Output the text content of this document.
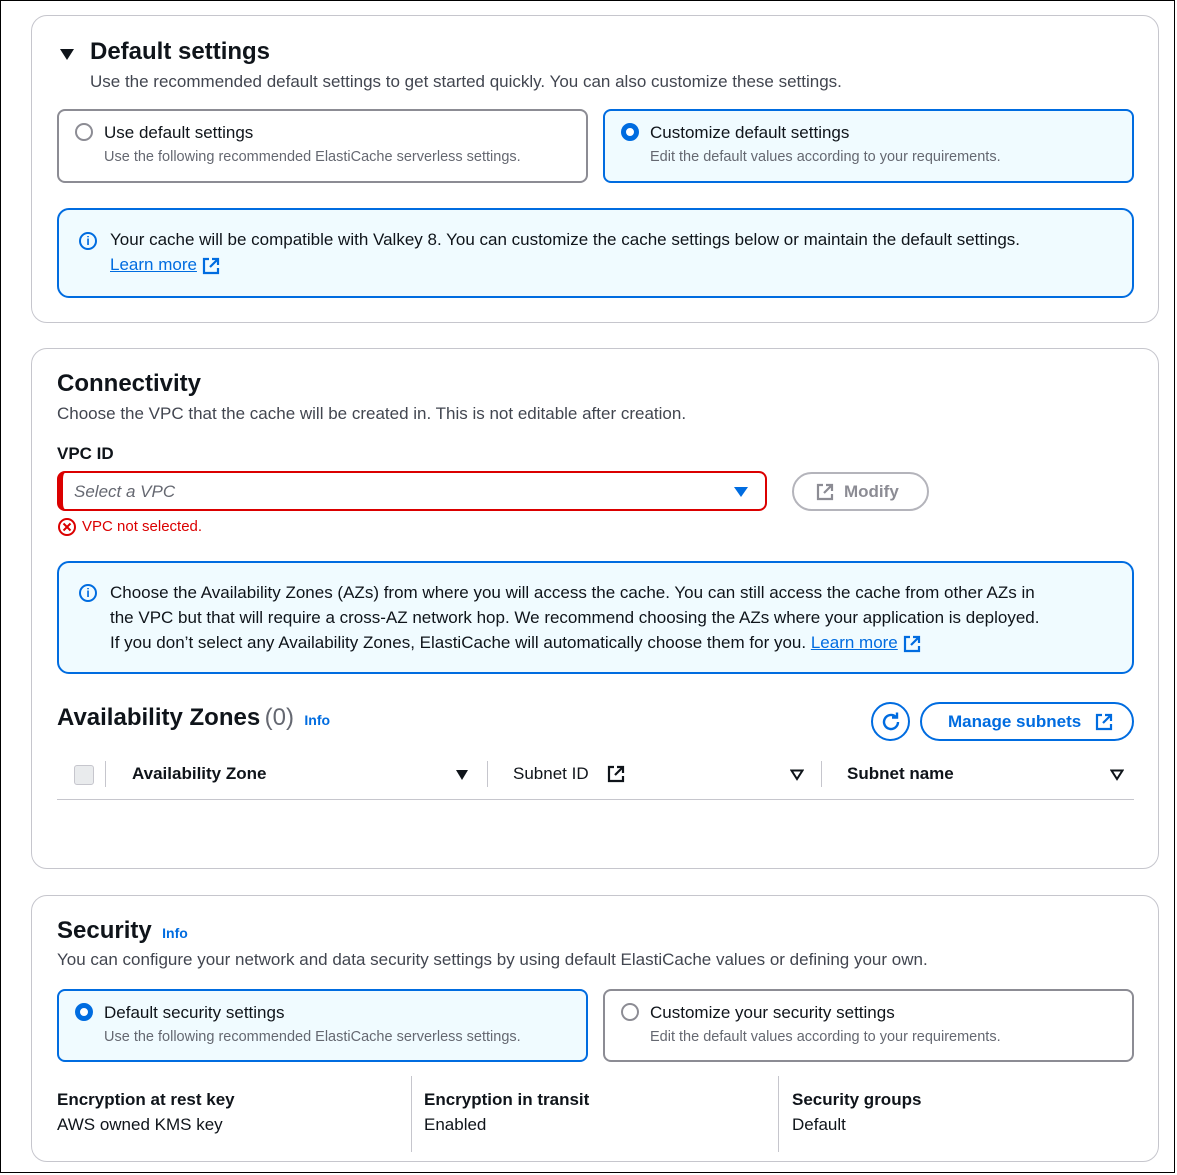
Default settings
Use the recommended default settings to get started quickly. You can also customize these settings.
Use default settings
Use the following recommended ElastiCache serverless settings.
Customize default settings
Edit the default values according to your requirements.
i	Your cache will be compatible with Valkey 8. You can customize the cache settings below or maintain the default settings.
Learn more
Connectivity
Choose the VPC that the cache will be created in. This is not editable after creation.
VPC ID
Select a VPC	Modify
VPC not selected.
i	Choose the Availability Zones (AZs) from where you will access the cache. You can still access the cache from other AZs in
the VPC but that will require a cross-AZ network hop. We recommend choosing the AZs where your application is deployed.
If you don’t select any Availability Zones, ElastiCache will automatically choose them for you. Learn more
Availability Zones (0) Info	Manage subnets
Availability Zone	Subnet ID	Subnet name
Security Info
You can configure your network and data security settings by using default ElastiCache values or defining your own.
Default security settings
Use the following recommended ElastiCache serverless settings.
Customize your security settings
Edit the default values according to your requirements.
Encryption at rest key
AWS owned KMS key
Encryption in transit
Enabled
Security groups
Default
